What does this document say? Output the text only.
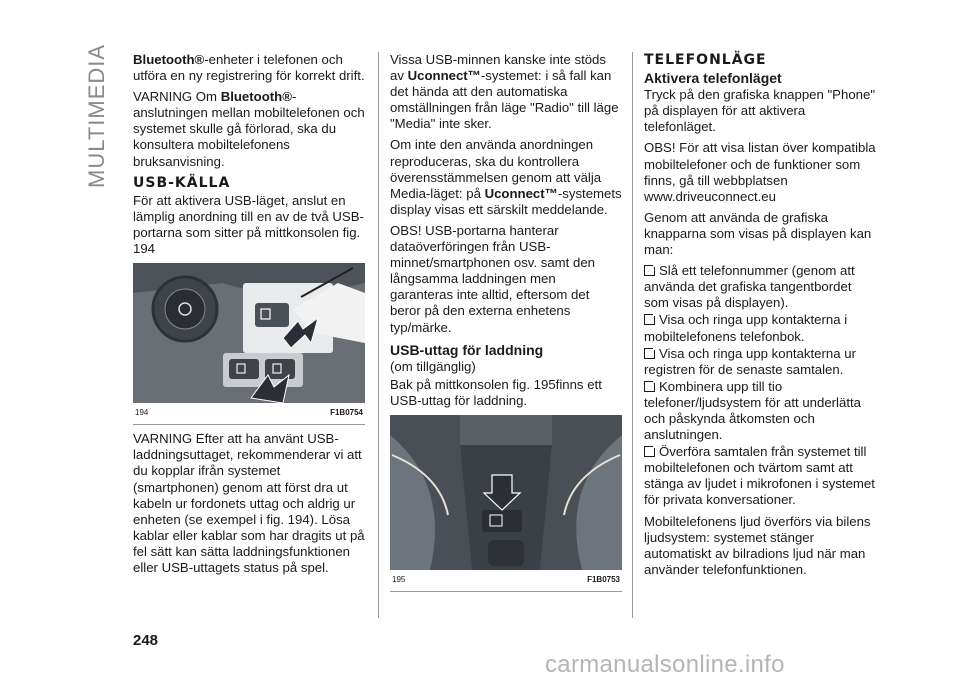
MULTIMEDIA Bluetooth®-enheter i telefonen och utföra en ny registrering för korrekt drift.

VARNING Om Bluetooth®-anslutningen mellan mobiltelefonen och systemet skulle gå förlorad, ska du konsultera mobiltelefonens bruksanvisning.

USB-KÄLLA

För att aktivera USB-läget, anslut en lämplig anordning till en av de två USB-portarna som sitter på mittkonsolen fig. 194

194	F1B0754

VARNING Efter att ha använt USB-laddningsuttaget, rekommenderar vi att du kopplar ifrån systemet (smartphonen) genom att först dra ut kabeln ur fordonets uttag och aldrig ur enheten (se exempel i fig. 194). Lösa kablar eller kablar som har dragits ut på fel sätt kan sätta laddningsfunktionen eller USB-uttagets status på spel.

Vissa USB-minnen kanske inte stöds av Uconnect™-systemet: i så fall kan det hända att den automatiska omställningen från läge "Radio" till läge "Media" inte sker.

Om inte den använda anordningen reproduceras, ska du kontrollera överensstämmelsen genom att välja Media-läget: på Uconnect™-systemets display visas ett särskilt meddelande.

OBS! USB-portarna hanterar dataöverföringen från USB-minnet/smartphonen osv. samt den långsamma laddningen men garanteras inte alltid, eftersom det beror på den externa enhetens typ/märke.

USB-uttag för laddning

(om tillgänglig)

Bak på mittkonsolen fig. 195finns ett USB-uttag för laddning.

195	F1B0753
TELEFONLÄGE
Aktivera telefonläget

Tryck på den grafiska knappen "Phone" på displayen för att aktivera telefonläget.

OBS! För att visa listan över kompatibla mobiltelefoner och de funktioner som finns, gå till webbplatsen www.driveuconnect.eu

Genom att använda de grafiska knapparna som visas på displayen kan man:

Slå ett telefonnummer (genom att använda det grafiska tangentbordet som visas på displayen).

Visa och ringa upp kontakterna i mobiltelefonens telefonbok.

Visa och ringa upp kontakterna ur registren för de senaste samtalen.

Kombinera upp till tio telefoner/ljudsystem för att underlätta och påskynda åtkomsten och anslutningen.

Överföra samtalen från systemet till mobiltelefonen och tvärtom samt att stänga av ljudet i mikrofonen i systemet för privata konversationer.

Mobiltelefonens ljud överförs via bilens ljudsystem: systemet stänger automatiskt av bilradions ljud när man använder telefonfunktionen.

248
carmanualsonline.info
